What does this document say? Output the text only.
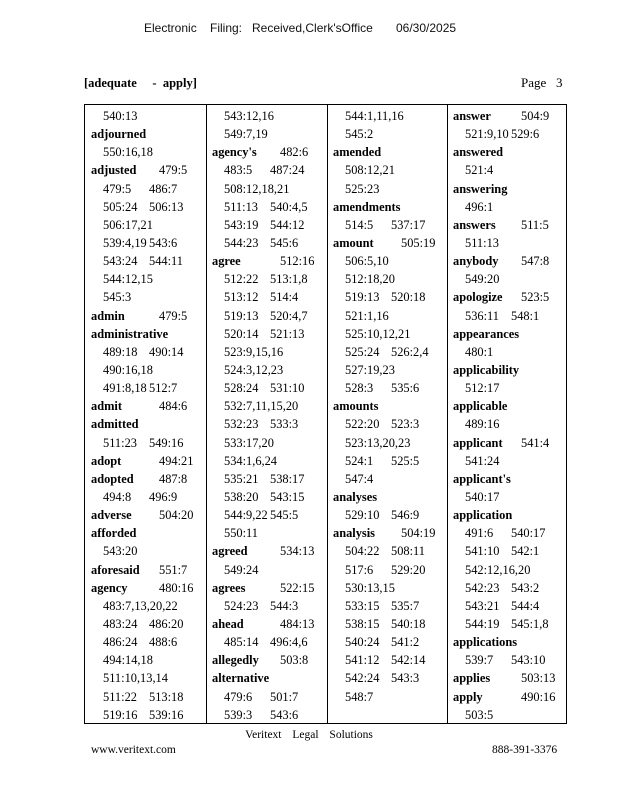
Electronic

Filing:

Received,Clerk'sOffice

06/30/2025

[adequate     -  apply]	Page   3
540:13
adjourned
550:16,18
adjusted 479:5
479:5 486:7
505:24 506:13
506:17,21
539:4,19 543:6
543:24 544:11
544:12,15
545:3
admin	479:5
administrative
489:18 490:14
490:16,18
491:8,18 512:7
admit	484:6
admitted
511:23 549:16
adopt	494:21
adopted 487:8
494:8 496:9
adverse 504:20
afforded
543:20
aforesaid 551:7
agency	480:16
483:7,13,20,22
483:24 486:20
486:24 488:6
494:14,18
511:10,13,14
511:22 513:18
519:16 539:16
543:12,16
549:7,19
agency's 482:6
483:5 487:24
508:12,18,21
511:13 540:4,5
543:19 544:12
544:23 545:6
agree	512:16
512:22 513:1,8
513:12 514:4
519:13 520:4,7
520:14 521:13
523:9,15,16
524:3,12,23
528:24 531:10
532:7,11,15,20
532:23 533:3
533:17,20
534:1,6,24
535:21 538:17
538:20 543:15
544:9,22 545:5
550:11
agreed	534:13
549:24
agrees	522:15
524:23 544:3
ahead	484:13
485:14 496:4,6
allegedly 503:8
alternative
479:6 501:7
539:3 543:6
544:1,11,16
545:2
amended
508:12,21
525:23
amendments
514:5 537:17
amount 505:19
506:5,10
512:18,20
519:13 520:18
521:1,16
525:10,12,21
525:24 526:2,4
527:19,23
528:3 535:6
amounts
522:20 523:3
523:13,20,23
524:1 525:5
547:4
analyses
529:10 546:9
analysis 504:19
504:22 508:11
517:6 529:20
530:13,15
533:15 535:7
538:15 540:18
540:24 541:2
541:12 542:14
542:24 543:3
548:7
answer 504:9
521:9,10 529:6
answered
521:4
answering
496:1
answers 511:5
511:13
anybody 547:8
549:20
apologize 523:5
536:11 548:1
appearances
480:1
applicability
512:17
applicable
489:16
applicant 541:4
541:24
applicant's
540:17
application
491:6 540:17
541:10 542:1
542:12,16,20
542:23 543:2
543:21 544:4
544:19 545:1,8
applications
539:7 543:10
applies 503:13
apply	490:16
503:5
Veritext Legal Solutions
www.veritext.com	888-391-3376
